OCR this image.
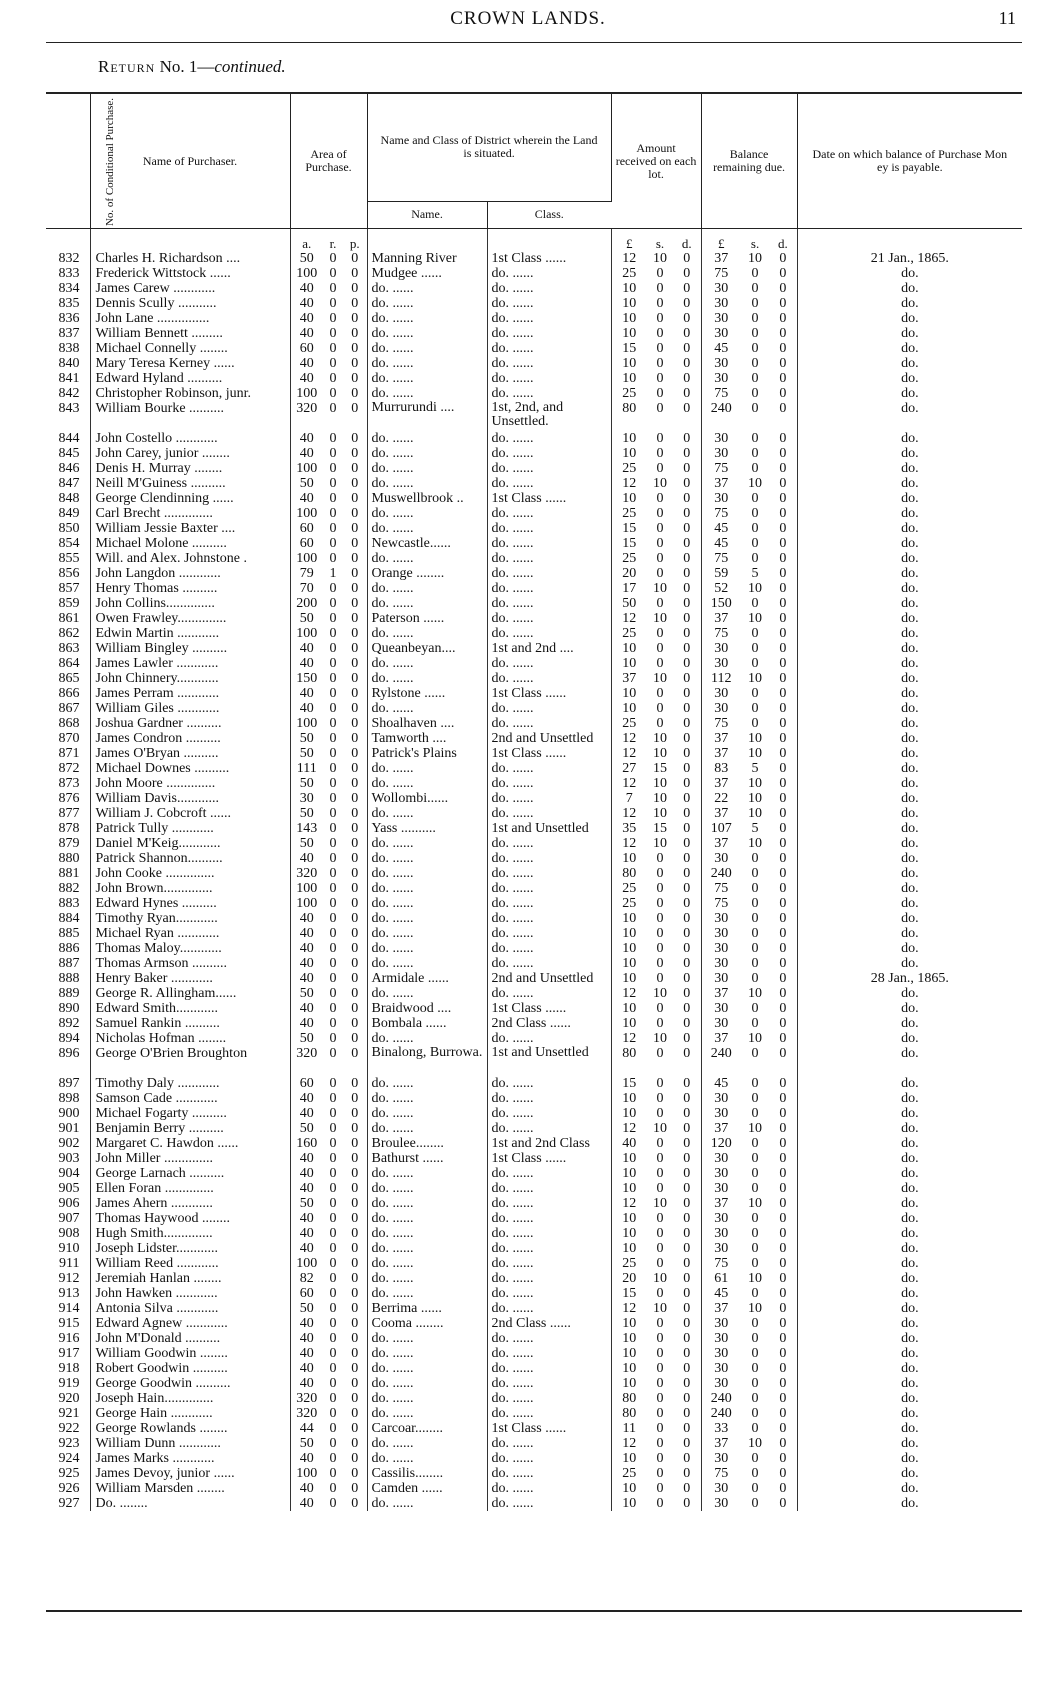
CROWN LANDS.	11
Return No. 1—continued.
No. of Conditional Purchase.	Name of Purchaser.	Area of Purchase.			Name and Class of District wherein the Land is situated.		Amount received on each lot.			Balance remaining due.			Date on which balance of Purchase Mon ey is payable.
					Name.	Class.							
		a.	r.	p.			£	s.	d.	£	s.	d.	
832	Charles H. Richardson ....	50	0	0	Manning River	1st Class ......	12	10	0	37	10	0	21 Jan., 1865.
833	Frederick Wittstock ......	100	0	0	Mudgee ......	do. ......	25	0	0	75	0	0	do.
834	James Carew ............	40	0	0	do. ......	do. ......	10	0	0	30	0	0	do.
835	Dennis Scully ...........	40	0	0	do. ......	do. ......	10	0	0	30	0	0	do.
836	John Lane ...............	40	0	0	do. ......	do. ......	10	0	0	30	0	0	do.
837	William Bennett .........	40	0	0	do. ......	do. ......	10	0	0	30	0	0	do.
838	Michael Connelly ........	60	0	0	do. ......	do. ......	15	0	0	45	0	0	do.
840	Mary Teresa Kerney ......	40	0	0	do. ......	do. ......	10	0	0	30	0	0	do.
841	Edward Hyland ..........	40	0	0	do. ......	do. ......	10	0	0	30	0	0	do.
842	Christopher Robinson, junr.	100	0	0	do. ......	do. ......	25	0	0	75	0	0	do.
843	William Bourke ..........	320	0	0	Murrurundi ....	1st, 2nd, and Unsettled.	80	0	0	240	0	0	do.
844	John Costello ............	40	0	0	do. ......	do. ......	10	0	0	30	0	0	do.
845	John Carey, junior ........	40	0	0	do. ......	do. ......	10	0	0	30	0	0	do.
846	Denis H. Murray ........	100	0	0	do. ......	do. ......	25	0	0	75	0	0	do.
847	Neill M'Guiness ..........	50	0	0	do. ......	do. ......	12	10	0	37	10	0	do.
848	George Clendinning ......	40	0	0	Muswellbrook ..	1st Class ......	10	0	0	30	0	0	do.
849	Carl Brecht ..............	100	0	0	do. ......	do. ......	25	0	0	75	0	0	do.
850	William Jessie Baxter ....	60	0	0	do. ......	do. ......	15	0	0	45	0	0	do.
854	Michael Molone ..........	60	0	0	Newcastle......	do. ......	15	0	0	45	0	0	do.
855	Will. and Alex. Johnstone .	100	0	0	do. ......	do. ......	25	0	0	75	0	0	do.
856	John Langdon ............	79	1	0	Orange ........	do. ......	20	0	0	59	5	0	do.
857	Henry Thomas ..........	70	0	0	do. ......	do. ......	17	10	0	52	10	0	do.
859	John Collins..............	200	0	0	do. ......	do. ......	50	0	0	150	0	0	do.
861	Owen Frawley..............	50	0	0	Paterson ......	do. ......	12	10	0	37	10	0	do.
862	Edwin Martin ............	100	0	0	do. ......	do. ......	25	0	0	75	0	0	do.
863	William Bingley ..........	40	0	0	Queanbeyan....	1st and 2nd ....	10	0	0	30	0	0	do.
864	James Lawler ............	40	0	0	do. ......	do. ......	10	0	0	30	0	0	do.
865	John Chinnery............	150	0	0	do. ......	do. ......	37	10	0	112	10	0	do.
866	James Perram ............	40	0	0	Rylstone ......	1st Class ......	10	0	0	30	0	0	do.
867	William Giles ............	40	0	0	do. ......	do. ......	10	0	0	30	0	0	do.
868	Joshua Gardner ..........	100	0	0	Shoalhaven ....	do. ......	25	0	0	75	0	0	do.
870	James Condron ..........	50	0	0	Tamworth ....	2nd and Unsettled	12	10	0	37	10	0	do.
871	James O'Bryan ..........	50	0	0	Patrick's Plains	1st Class ......	12	10	0	37	10	0	do.
872	Michael Downes ..........	111	0	0	do. ......	do. ......	27	15	0	83	5	0	do.
873	John Moore ..............	50	0	0	do. ......	do. ......	12	10	0	37	10	0	do.
876	William Davis............	30	0	0	Wollombi......	do. ......	7	10	0	22	10	0	do.
877	William J. Cobcroft ......	50	0	0	do. ......	do. ......	12	10	0	37	10	0	do.
878	Patrick Tully ............	143	0	0	Yass ..........	1st and Unsettled	35	15	0	107	5	0	do.
879	Daniel M'Keig............	50	0	0	do. ......	do. ......	12	10	0	37	10	0	do.
880	Patrick Shannon..........	40	0	0	do. ......	do. ......	10	0	0	30	0	0	do.
881	John Cooke ..............	320	0	0	do. ......	do. ......	80	0	0	240	0	0	do.
882	John Brown..............	100	0	0	do. ......	do. ......	25	0	0	75	0	0	do.
883	Edward Hynes ..........	100	0	0	do. ......	do. ......	25	0	0	75	0	0	do.
884	Timothy Ryan............	40	0	0	do. ......	do. ......	10	0	0	30	0	0	do.
885	Michael Ryan ............	40	0	0	do. ......	do. ......	10	0	0	30	0	0	do.
886	Thomas Maloy............	40	0	0	do. ......	do. ......	10	0	0	30	0	0	do.
887	Thomas Armson ..........	40	0	0	do. ......	do. ......	10	0	0	30	0	0	do.
888	Henry Baker ............	40	0	0	Armidale ......	2nd and Unsettled	10	0	0	30	0	0	28 Jan., 1865.
889	George R. Allingham......	50	0	0	do. ......	do. ......	12	10	0	37	10	0	do.
890	Edward Smith............	40	0	0	Braidwood ....	1st Class ......	10	0	0	30	0	0	do.
892	Samuel Rankin ..........	40	0	0	Bombala ......	2nd Class ......	10	0	0	30	0	0	do.
894	Nicholas Hofman ........	50	0	0	do. ......	do. ......	12	10	0	37	10	0	do.
896	George O'Brien Broughton	320	0	0	Binalong, Burrowa.	1st and Unsettled	80	0	0	240	0	0	do.
897	Timothy Daly ............	60	0	0	do. ......	do. ......	15	0	0	45	0	0	do.
898	Samson Cade ............	40	0	0	do. ......	do. ......	10	0	0	30	0	0	do.
900	Michael Fogarty ..........	40	0	0	do. ......	do. ......	10	0	0	30	0	0	do.
901	Benjamin Berry ..........	50	0	0	do. ......	do. ......	12	10	0	37	10	0	do.
902	Margaret C. Hawdon ......	160	0	0	Broulee........	1st and 2nd Class	40	0	0	120	0	0	do.
903	John Miller ..............	40	0	0	Bathurst ......	1st Class ......	10	0	0	30	0	0	do.
904	George Larnach ..........	40	0	0	do. ......	do. ......	10	0	0	30	0	0	do.
905	Ellen Foran ..............	40	0	0	do. ......	do. ......	10	0	0	30	0	0	do.
906	James Ahern ............	50	0	0	do. ......	do. ......	12	10	0	37	10	0	do.
907	Thomas Haywood ........	40	0	0	do. ......	do. ......	10	0	0	30	0	0	do.
908	Hugh Smith..............	40	0	0	do. ......	do. ......	10	0	0	30	0	0	do.
910	Joseph Lidster............	40	0	0	do. ......	do. ......	10	0	0	30	0	0	do.
911	William Reed ............	100	0	0	do. ......	do. ......	25	0	0	75	0	0	do.
912	Jeremiah Hanlan ........	82	0	0	do. ......	do. ......	20	10	0	61	10	0	do.
913	John Hawken ............	60	0	0	do. ......	do. ......	15	0	0	45	0	0	do.
914	Antonia Silva ............	50	0	0	Berrima ......	do. ......	12	10	0	37	10	0	do.
915	Edward Agnew ............	40	0	0	Cooma ........	2nd Class ......	10	0	0	30	0	0	do.
916	John M'Donald ..........	40	0	0	do. ......	do. ......	10	0	0	30	0	0	do.
917	William Goodwin ........	40	0	0	do. ......	do. ......	10	0	0	30	0	0	do.
918	Robert Goodwin ..........	40	0	0	do. ......	do. ......	10	0	0	30	0	0	do.
919	George Goodwin ..........	40	0	0	do. ......	do. ......	10	0	0	30	0	0	do.
920	Joseph Hain..............	320	0	0	do. ......	do. ......	80	0	0	240	0	0	do.
921	George Hain ............	320	0	0	do. ......	do. ......	80	0	0	240	0	0	do.
922	George Rowlands ........	44	0	0	Carcoar........	1st Class ......	11	0	0	33	0	0	do.
923	William Dunn ............	50	0	0	do. ......	do. ......	12	0	0	37	10	0	do.
924	James Marks ............	40	0	0	do. ......	do. ......	10	0	0	30	0	0	do.
925	James Devoy, junior ......	100	0	0	Cassilis........	do. ......	25	0	0	75	0	0	do.
926	William Marsden ........	40	0	0	Camden ......	do. ......	10	0	0	30	0	0	do.
927	Do. ........	40	0	0	do. ......	do. ......	10	0	0	30	0	0	do.
